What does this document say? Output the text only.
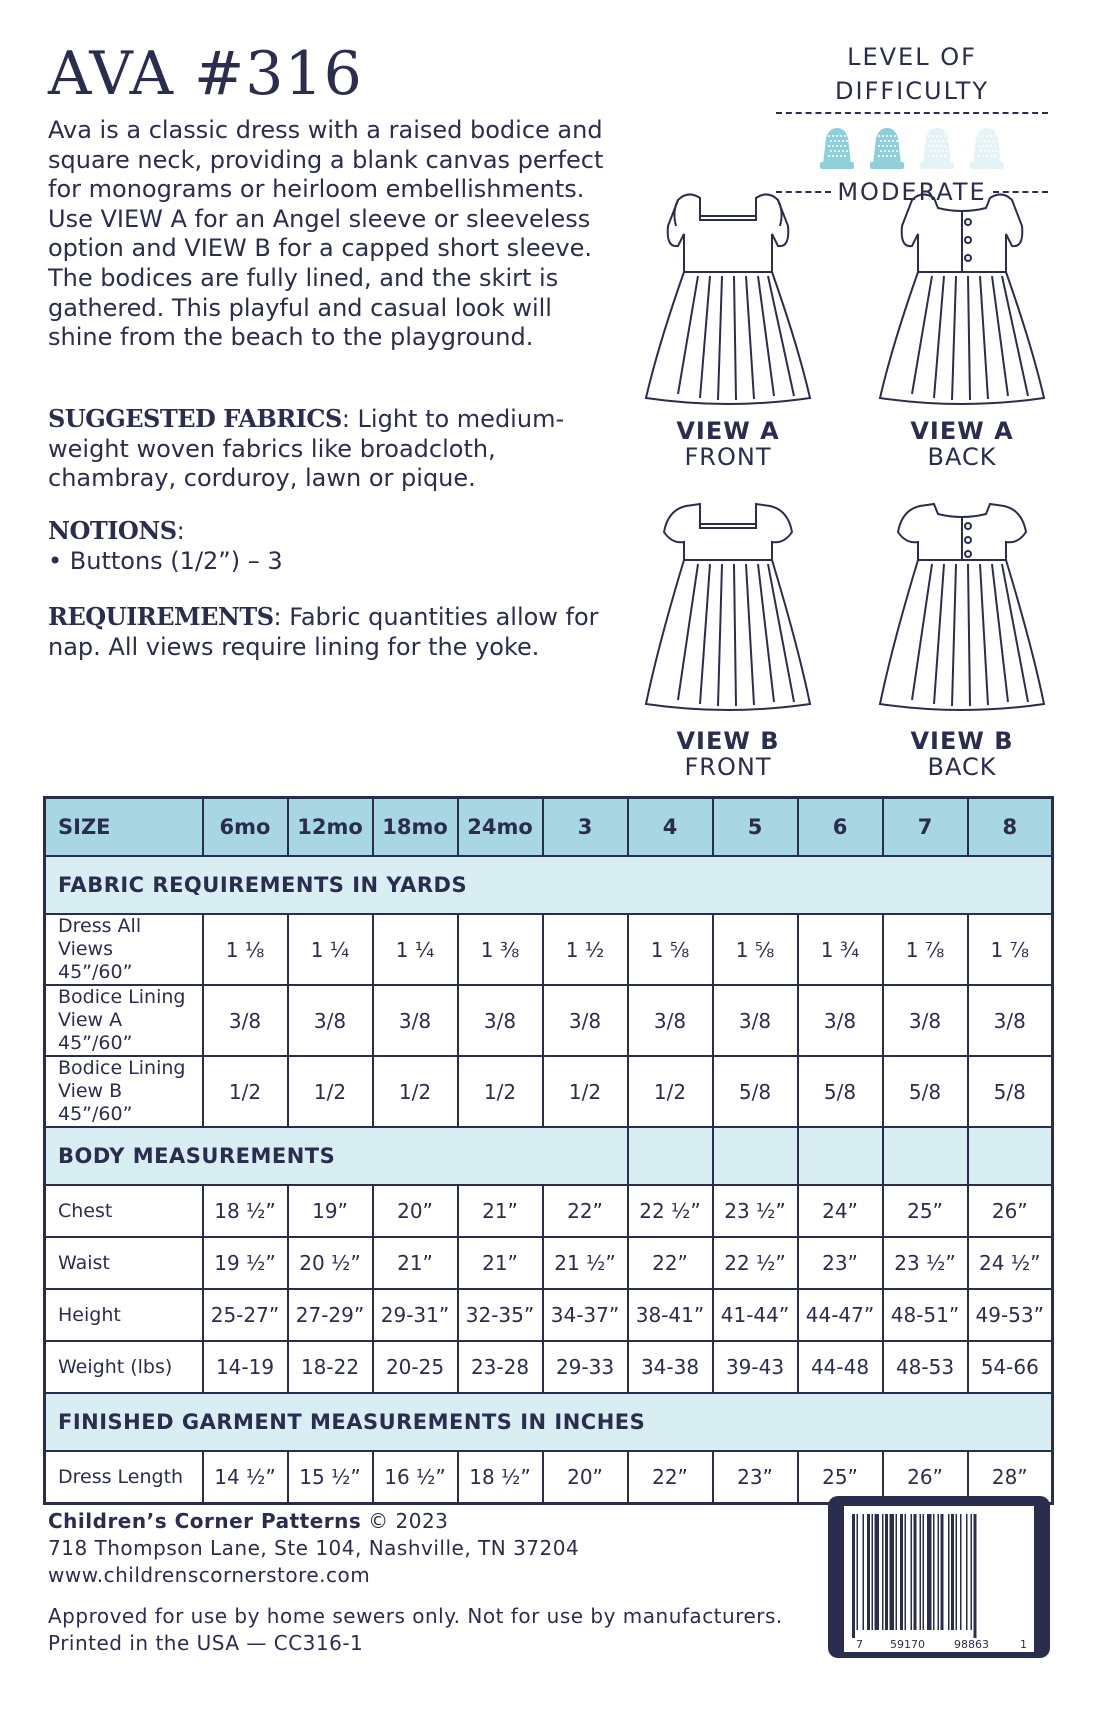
AVA #316
Ava is a classic dress with a raised bodice and square neck, providing a blank canvas perfect for monograms or heirloom embellishments. Use VIEW A for an Angel sleeve or sleeveless option and VIEW B for a capped short sleeve. The bodices are fully lined, and the skirt is gathered. This playful and casual look will shine from the beach to the playground.
SUGGESTED FABRICS: Light to medium-weight woven fabrics like broadcloth, chambray, corduroy, lawn or pique.
NOTIONS:
• Buttons (1/2”) – 3
REQUIREMENTS: Fabric quantities allow for nap. All views require lining for the yoke.
LEVEL OF DIFFICULTY
MODERATE
VIEW A
FRONT
VIEW A
BACK
VIEW B
FRONT
VIEW B
BACK
SIZE	6mo	12mo	18mo	24mo	3	4	5	6	7	8
FABRIC REQUIREMENTS IN YARDS										

Dress All Views
45”/60”	1 ⅛	1 ¼	1 ¼	1 ⅜	1 ½	1 ⅝	1 ⅝	1 ¾	1 ⅞	1 ⅞

Bodice Lining
View A 45”/60”	3/8	3/8	3/8	3/8	3/8	3/8	3/8	3/8	3/8	3/8

Bodice Lining
View B 45”/60”	1/2	1/2	1/2	1/2	1/2	1/2	5/8	5/8	5/8	5/8
BODY MEASUREMENTS										
Chest	18 ½”	19”	20”	21”	22”	22 ½”	23 ½”	24”	25”	26”
Waist	19 ½”	20 ½”	21”	21”	21 ½”	22”	22 ½”	23”	23 ½”	24 ½”
Height	25-27”	27-29”	29-31”	32-35”	34-37”	38-41”	41-44”	44-47”	48-51”	49-53”
Weight (lbs)	14-19	18-22	20-25	23-28	29-33	34-38	39-43	44-48	48-53	54-66
FINISHED GARMENT MEASUREMENTS IN INCHES										
Dress Length	14 ½”	15 ½”	16 ½”	18 ½”	20”	22”	23”	25”	26”	28”
Children’s Corner Patterns © 2023
718 Thompson Lane, Ste 104, Nashville, TN 37204
www.childrenscornerstore.com
Approved for use by home sewers only. Not for use by manufacturers.
Printed in the USA — CC316-1	7 59170	98863	1
